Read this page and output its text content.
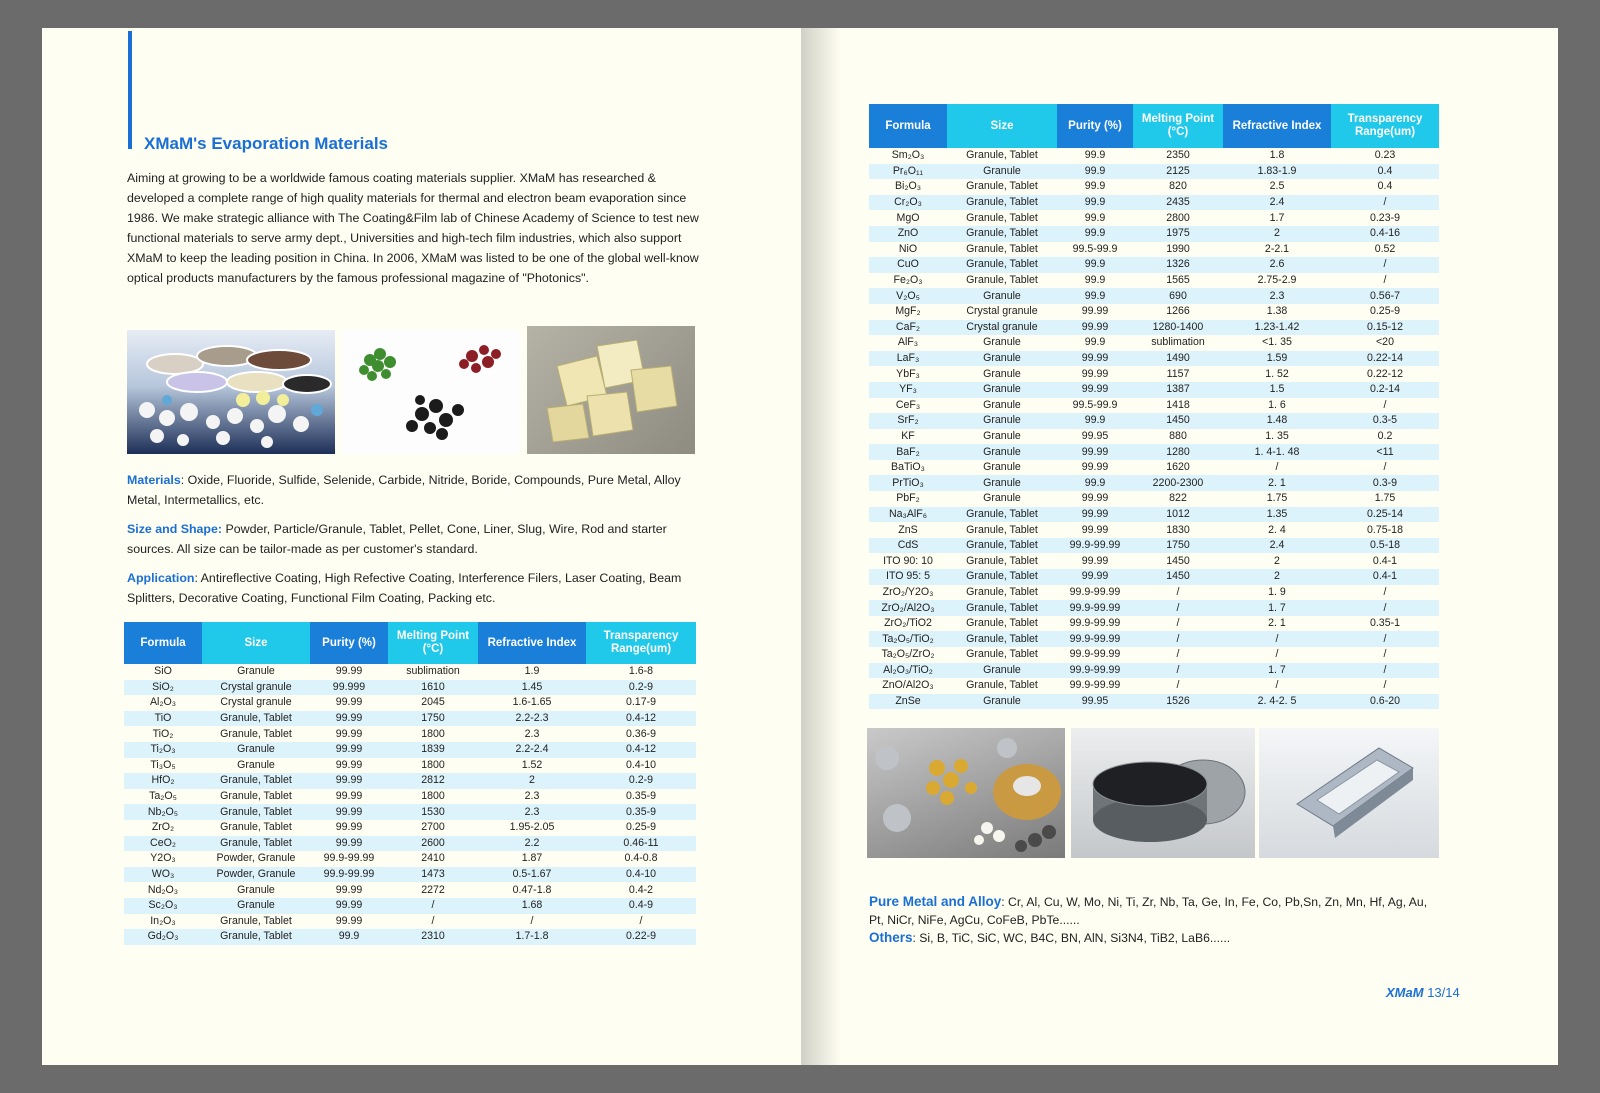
XMaM's Evaporation Materials

Aiming at growing to be a worldwide famous coating materials supplier. XMaM has researched & developed a complete range of high quality materials for thermal and electron beam evaporation since 1986. We make strategic alliance with The Coating&Film lab of Chinese Academy of Science to test new functional materials to serve army dept., Universities and high-tech film industries, which also support XMaM to keep the leading position in China. In 2006, XMaM was listed to be one of the global well-know optical products manufacturers by the famous professional magazine of "Photonics".

Materials: Oxide, Fluoride, Sulfide, Selenide, Carbide, Nitride, Boride, Compounds, Pure Metal, Alloy Metal, Intermetallics, etc.

Size and Shape: Powder, Particle/Granule, Tablet, Pellet, Cone, Liner, Slug, Wire, Rod and starter sources. All size can be tailor-made as per customer's standard.

Application: Antireflective Coating, High Refective Coating, Interference Filers, Laser Coating, Beam Splitters, Decorative Coating, Functional Film Coating, Packing etc.

Formula	Size	Purity (%)	Melting Point (°C)	Refractive Index	Transparency Range(um)
SiO	Granule	99.99	sublimation	1.9	1.6-8
SiO₂	Crystal granule	99.999	1610	1.45	0.2-9
Al₂O₃	Crystal granule	99.99	2045	1.6-1.65	0.17-9
TiO	Granule, Tablet	99.99	1750	2.2-2.3	0.4-12
TiO₂	Granule, Tablet	99.99	1800	2.3	0.36-9
Ti₂O₃	Granule	99.99	1839	2.2-2.4	0.4-12
Ti₃O₅	Granule	99.99	1800	1.52	0.4-10
HfO₂	Granule, Tablet	99.99	2812	2	0.2-9
Ta₂O₅	Granule, Tablet	99.99	1800	2.3	0.35-9
Nb₂O₅	Granule, Tablet	99.99	1530	2.3	0.35-9
ZrO₂	Granule, Tablet	99.99	2700	1.95-2.05	0.25-9
CeO₂	Granule, Tablet	99.99	2600	2.2	0.46-11
Y2O₃	Powder, Granule	99.9-99.99	2410	1.87	0.4-0.8
WO₃	Powder, Granule	99.9-99.99	1473	0.5-1.67	0.4-10
Nd₂O₃	Granule	99.99	2272	0.47-1.8	0.4-2
Sc₂O₃	Granule	99.99	/	1.68	0.4-9
In₂O₃	Granule, Tablet	99.99	/	/	/
Gd₂O₃	Granule, Tablet	99.9	2310	1.7-1.8	0.22-9
Formula	Size	Purity (%)	Melting Point (°C)	Refractive Index	Transparency Range(um)
Sm₂O₃	Granule, Tablet	99.9	2350	1.8	0.23
Pr₆O₁₁	Granule	99.9	2125	1.83-1.9	0.4
Bi₂O₃	Granule, Tablet	99.9	820	2.5	0.4
Cr₂O₃	Granule, Tablet	99.9	2435	2.4	/
MgO	Granule, Tablet	99.9	2800	1.7	0.23-9
ZnO	Granule, Tablet	99.9	1975	2	0.4-16
NiO	Granule, Tablet	99.5-99.9	1990	2-2.1	0.52
CuO	Granule, Tablet	99.9	1326	2.6	/
Fe₂O₃	Granule, Tablet	99.9	1565	2.75-2.9	/
V₂O₅	Granule	99.9	690	2.3	0.56-7
MgF₂	Crystal granule	99.99	1266	1.38	0.25-9
CaF₂	Crystal granule	99.99	1280-1400	1.23-1.42	0.15-12
AlF₃	Granule	99.9	sublimation	<1. 35	<20
LaF₃	Granule	99.99	1490	1.59	0.22-14
YbF₃	Granule	99.99	1157	1. 52	0.22-12
YF₃	Granule	99.99	1387	1.5	0.2-14
CeF₃	Granule	99.5-99.9	1418	1. 6	/
SrF₂	Granule	99.9	1450	1.48	0.3-5
KF	Granule	99.95	880	1. 35	0.2
BaF₂	Granule	99.99	1280	1. 4-1. 48	<11
BaTiO₃	Granule	99.99	1620	/	/
PrTiO₃	Granule	99.9	2200-2300	2. 1	0.3-9
PbF₂	Granule	99.99	822	1.75	1.75
Na₃AlF₆	Granule, Tablet	99.99	1012	1.35	0.25-14
ZnS	Granule, Tablet	99.99	1830	2. 4	0.75-18
CdS	Granule, Tablet	99.9-99.99	1750	2.4	0.5-18
ITO 90: 10	Granule, Tablet	99.99	1450	2	0.4-1
ITO 95: 5	Granule, Tablet	99.99	1450	2	0.4-1
ZrO₂/Y2O₃	Granule, Tablet	99.9-99.99	/	1. 9	/
ZrO₂/Al2O₃	Granule, Tablet	99.9-99.99	/	1. 7	/
ZrO₂/TiO2	Granule, Tablet	99.9-99.99	/	2. 1	0.35-1
Ta₂O₅/TiO₂	Granule, Tablet	99.9-99.99	/	/	/
Ta₂O₅/ZrO₂	Granule, Tablet	99.9-99.99	/	/	/
Al₂O₃/TiO₂	Granule	99.9-99.99	/	1. 7	/
ZnO/Al2O₃	Granule, Tablet	99.9-99.99	/	/	/
ZnSe	Granule	99.95	1526	2. 4-2. 5	0.6-20

Pure Metal and Alloy: Cr, Al, Cu, W, Mo, Ni, Ti, Zr, Nb, Ta, Ge, In, Fe, Co, Pb,Sn, Zn, Mn, Hf, Ag, Au, Pt, NiCr, NiFe, AgCu, CoFeB, PbTe......
Others: Si, B, TiC, SiC, WC, B4C, BN, AlN, Si3N4, TiB2, LaB6......

XMaM 13/14
